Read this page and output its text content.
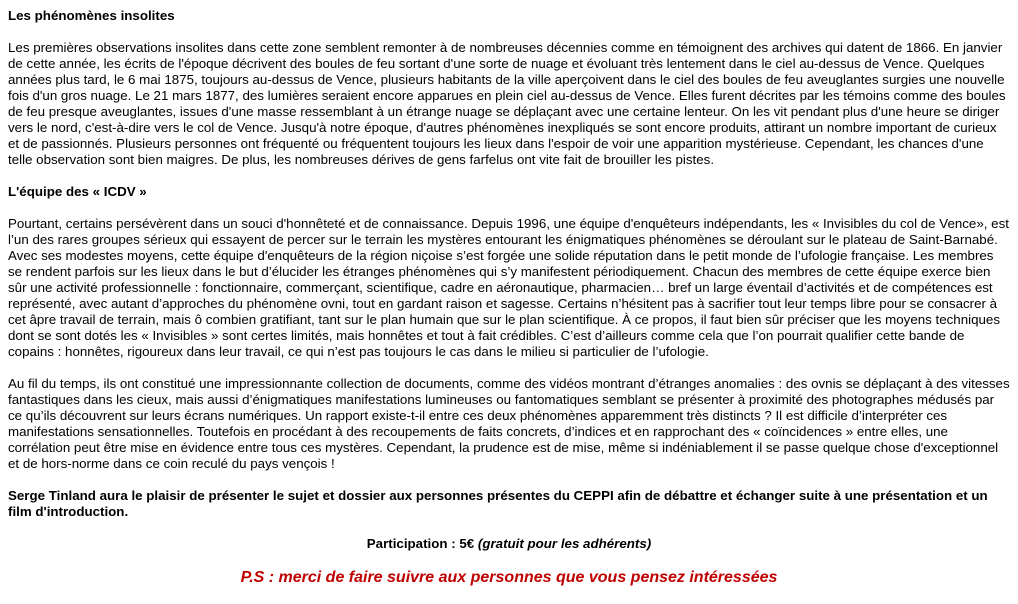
Les phénomènes insolites

Les premières observations insolites dans cette zone semblent remonter à de nombreuses décennies comme en témoignent des archives qui datent de 1866. En janvier de cette année, les écrits de l'époque décrivent des boules de feu sortant d'une sorte de nuage et évoluant très lentement dans le ciel au-dessus de Vence. Quelques années plus tard, le 6 mai 1875, toujours au-dessus de Vence, plusieurs habitants de la ville aperçoivent dans le ciel des boules de feu aveuglantes surgies une nouvelle fois d'un gros nuage. Le 21 mars 1877, des lumières seraient encore apparues en plein ciel au-dessus de Vence. Elles furent décrites par les témoins comme des boules de feu presque aveuglantes, issues d'une masse ressemblant à un étrange nuage se déplaçant avec une certaine lenteur. On les vit pendant plus d'une heure se diriger vers le nord, c'est-à-dire vers le col de Vence. Jusqu'à notre époque, d'autres phénomènes inexpliqués se sont encore produits, attirant un nombre important de curieux et de passionnés. Plusieurs personnes ont fréquenté ou fréquentent toujours les lieux dans l'espoir de voir une apparition mystérieuse. Cependant, les chances d'une telle observation sont bien maigres. De plus, les nombreuses dérives de gens farfelus ont vite fait de brouiller les pistes.

L'équipe des « ICDV »

Pourtant, certains persévèrent dans un souci d'honnêteté et de connaissance. Depuis 1996, une équipe d'enquêteurs indépendants, les « Invisibles du col de Vence», est l’un des rares groupes sérieux qui essayent de percer sur le terrain les mystères entourant les énigmatiques phénomènes se déroulant sur le plateau de Saint-Barnabé. Avec ses modestes moyens, cette équipe d'enquêteurs de la région niçoise s’est forgée une solide réputation dans le petit monde de l’ufologie française. Les membres se rendent parfois sur les lieux dans le but d’élucider les étranges phénomènes qui s’y manifestent périodiquement. Chacun des membres de cette équipe exerce bien sûr une activité professionnelle : fonctionnaire, commerçant, scientifique, cadre en aéronautique, pharmacien… bref un large éventail d’activités et de compétences est représenté, avec autant d’approches du phénomène ovni, tout en gardant raison et sagesse. Certains n’hésitent pas à sacrifier tout leur temps libre pour se consacrer à cet âpre travail de terrain, mais ô combien gratifiant, tant sur le plan humain que sur le plan scientifique. À ce propos, il faut bien sûr préciser que les moyens techniques dont se sont dotés les « Invisibles » sont certes limités, mais honnêtes et tout à fait crédibles. C’est d’ailleurs comme cela que l’on pourrait qualifier cette bande de copains : honnêtes, rigoureux dans leur travail, ce qui n’est pas toujours le cas dans le milieu si particulier de l’ufologie.

Au fil du temps, ils ont constitué une impressionnante collection de documents, comme des vidéos montrant d’étranges anomalies : des ovnis se déplaçant à des vitesses fantastiques dans les cieux, mais aussi d’énigmatiques manifestations lumineuses ou fantomatiques semblant se présenter à proximité des photographes médusés par ce qu’ils découvrent sur leurs écrans numériques. Un rapport existe-t-il entre ces deux phénomènes apparemment très distincts ? Il est difficile d’interpréter ces manifestations sensationnelles. Toutefois en procédant à des recoupements de faits concrets, d’indices et en rapprochant des « coïncidences » entre elles, une corrélation peut être mise en évidence entre tous ces mystères. Cependant, la prudence est de mise, même si indéniablement il se passe quelque chose d'exceptionnel et de hors-norme dans ce coin reculé du pays vençois !

Serge Tinland aura le plaisir de présenter le sujet et dossier aux personnes présentes du CEPPI afin de débattre et échanger suite à une présentation et un film d'introduction.

Participation : 5€ (gratuit pour les adhérents)

P.S : merci de faire suivre aux personnes que vous pensez intéressées
